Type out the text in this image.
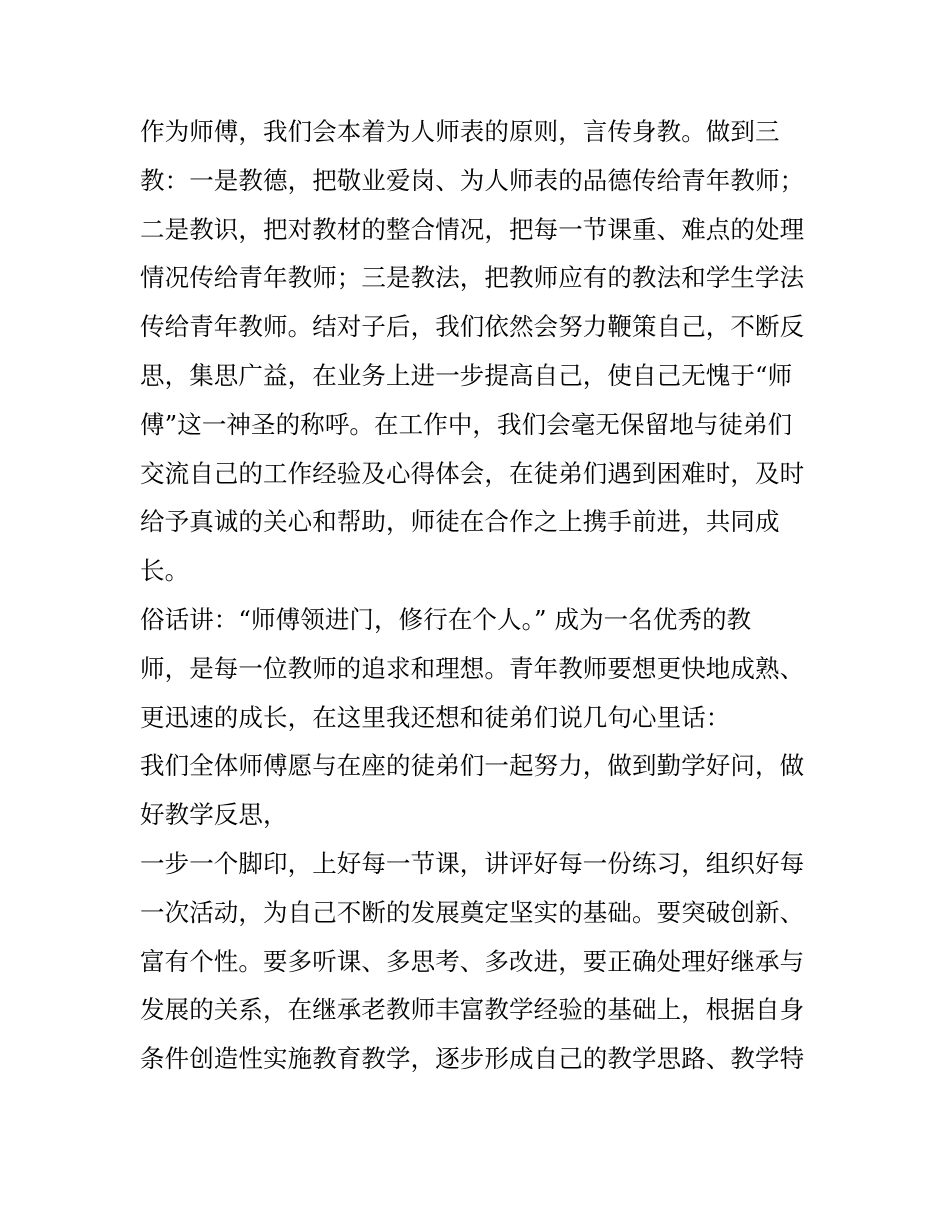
作为师傅，我们会本着为人师表的原则，言传身教。做到三
教：一是教德，把敬业爱岗、为人师表的品德传给青年教师；
二是教识，把对教材的整合情况，把每一节课重、难点的处理
情况传给青年教师；三是教法，把教师应有的教法和学生学法
传给青年教师。结对子后，我们依然会努力鞭策自己，不断反
思，集思广益，在业务上进一步提高自己，使自己无愧于“师
傅”这一神圣的称呼。在工作中，我们会毫无保留地与徒弟们
交流自己的工作经验及心得体会，在徒弟们遇到困难时，及时
给予真诚的关心和帮助，师徒在合作之上携手前进，共同成
长。
俗话讲：“师傅领进门，修行在个人。” 成为一名优秀的教
师，是每一位教师的追求和理想。青年教师要想更快地成熟、
更迅速的成长，在这里我还想和徒弟们说几句心里话：
我们全体师傅愿与在座的徒弟们一起努力，做到勤学好问，做
好教学反思，
一步一个脚印，上好每一节课，讲评好每一份练习，组织好每
一次活动，为自己不断的发展奠定坚实的基础。要突破创新、
富有个性。要多听课、多思考、多改进，要正确处理好继承与
发展的关系，在继承老教师丰富教学经验的基础上，根据自身
条件创造性实施教育教学，逐步形成自己的教学思路、教学特
